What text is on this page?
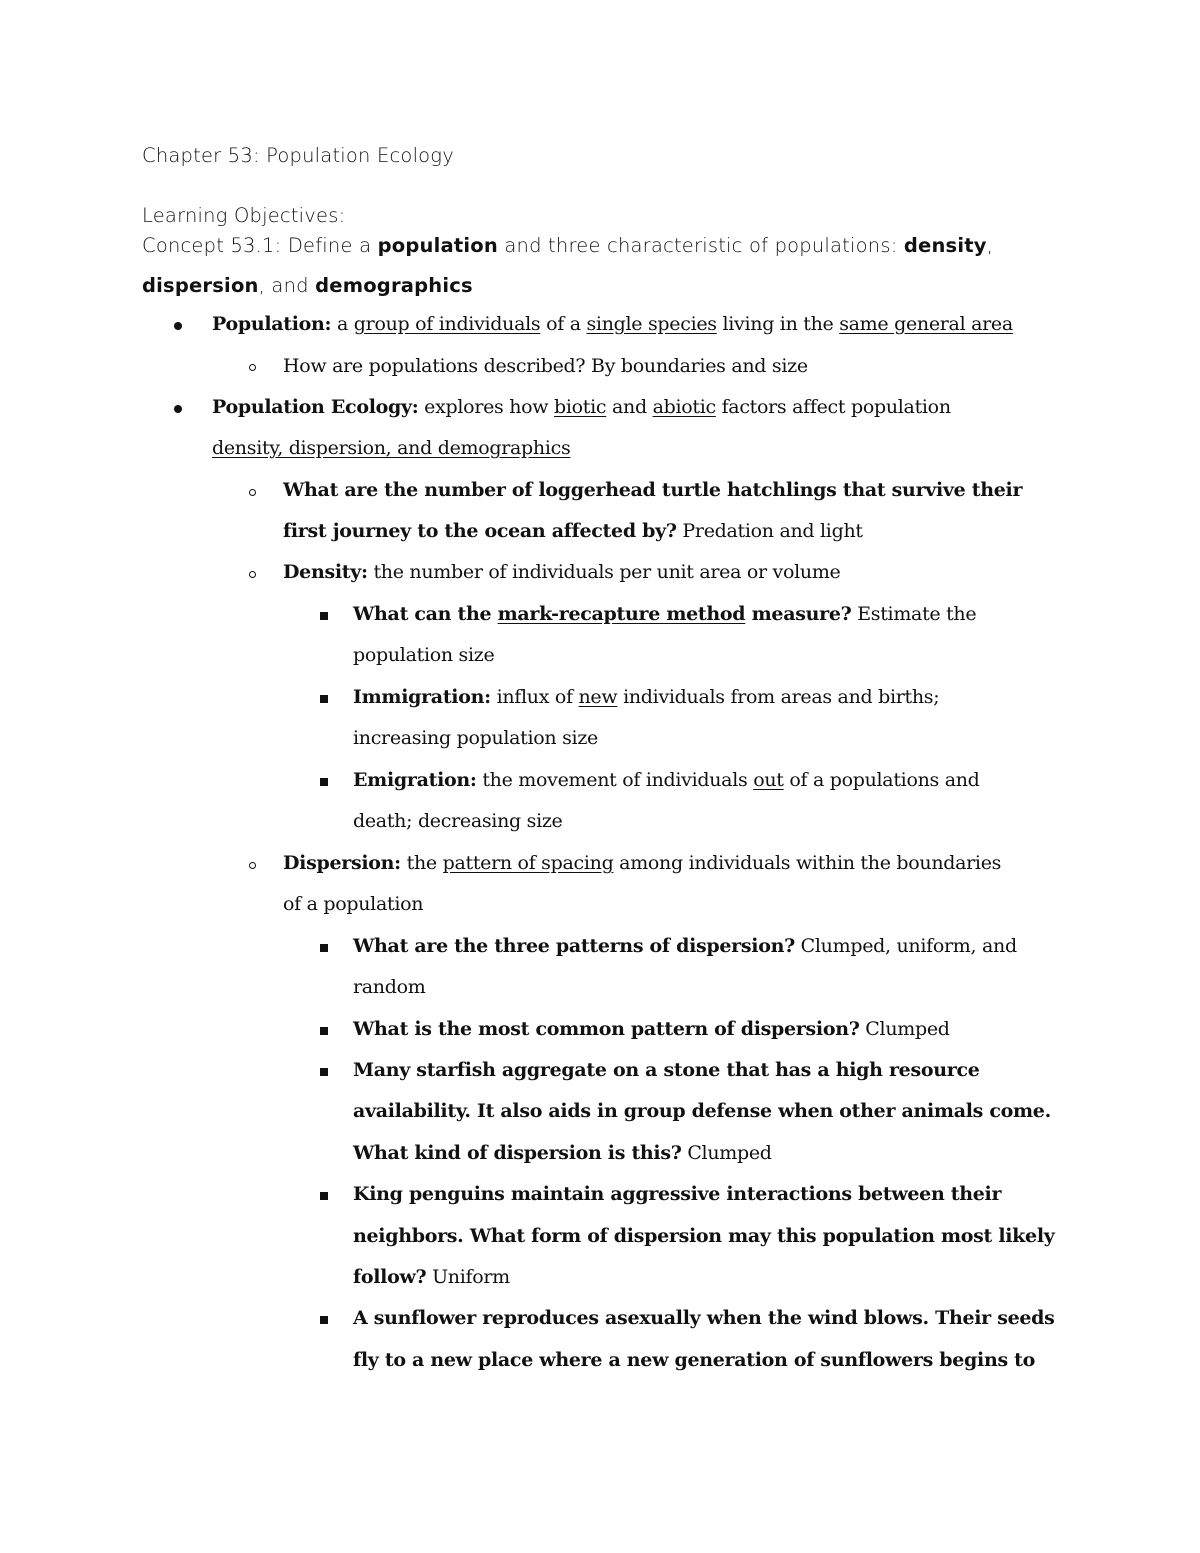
Chapter 53: Population Ecology
Learning Objectives:
Concept 53.1: Define a population and three characteristic of populations: density,
dispersion, and demographics
Population: a group of individuals of a single species living in the same general area
How are populations described? By boundaries and size
Population Ecology: explores how biotic and abiotic factors affect population
density, dispersion, and demographics
What are the number of loggerhead turtle hatchlings that survive their
first journey to the ocean affected by? Predation and light
Density: the number of individuals per unit area or volume
What can the mark-recapture method measure? Estimate the
population size
Immigration: influx of new individuals from areas and births;
increasing population size
Emigration: the movement of individuals out of a populations and
death; decreasing size
Dispersion: the pattern of spacing among individuals within the boundaries
of a population
What are the three patterns of dispersion? Clumped, uniform, and
random
What is the most common pattern of dispersion? Clumped
Many starfish aggregate on a stone that has a high resource
availability. It also aids in group defense when other animals come.
What kind of dispersion is this? Clumped
King penguins maintain aggressive interactions between their
neighbors. What form of dispersion may this population most likely
follow? Uniform
A sunflower reproduces asexually when the wind blows. Their seeds
fly to a new place where a new generation of sunflowers begins to
